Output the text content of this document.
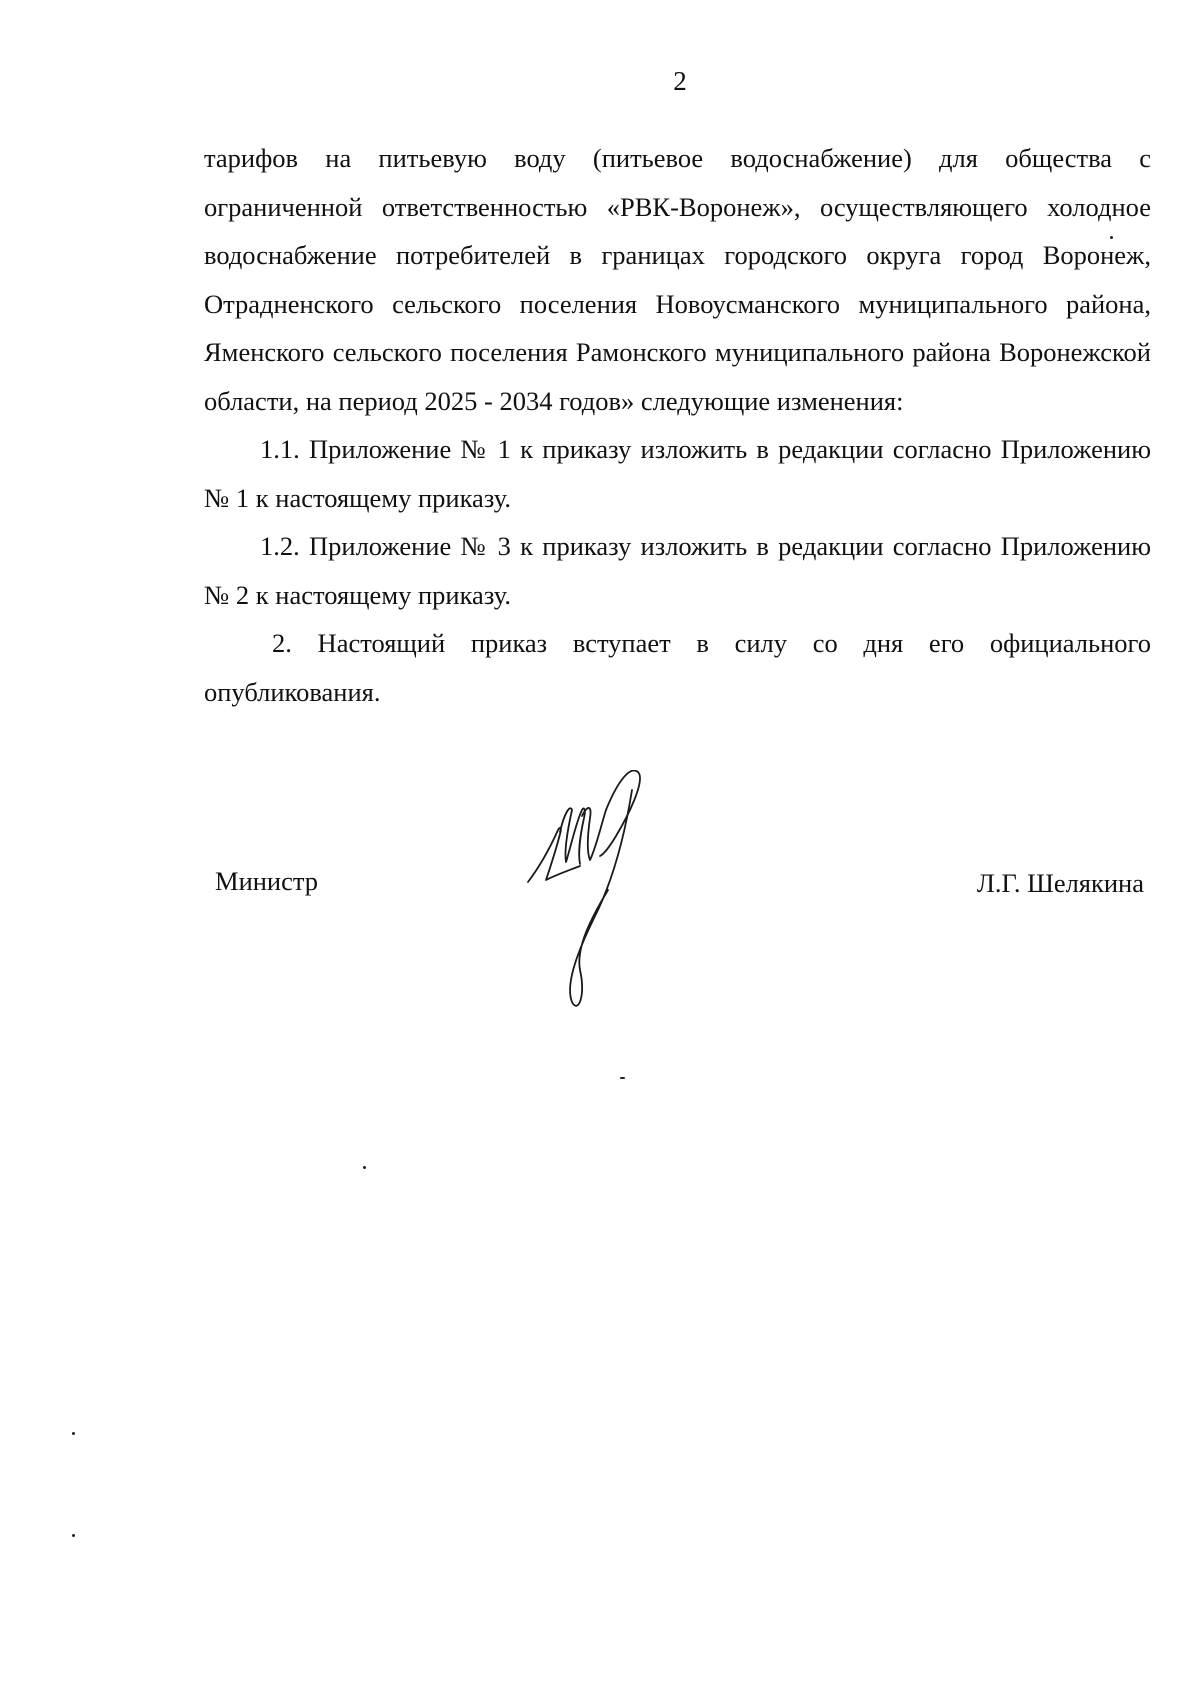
2

тарифов на питьевую воду (питьевое водоснабжение) для общества с ограниченной ответственностью «РВК-Воронеж», осуществляющего холодное водоснабжение потребителей в границах городского округа город Воронеж, Отрадненского сельского поселения Новоусманского муниципального района, Яменского сельского поселения Рамонского муниципального района Воронежской области, на период 2025 - 2034 годов» следующие изменения:

1.1. Приложение № 1 к приказу изложить в редакции согласно Приложению № 1 к настоящему приказу.

1.2. Приложение № 3 к приказу изложить в редакции согласно Приложению № 2 к настоящему приказу.

2. Настоящий приказ вступает в силу со дня его официального опубликования.

Министр	Л.Г. Шелякина
